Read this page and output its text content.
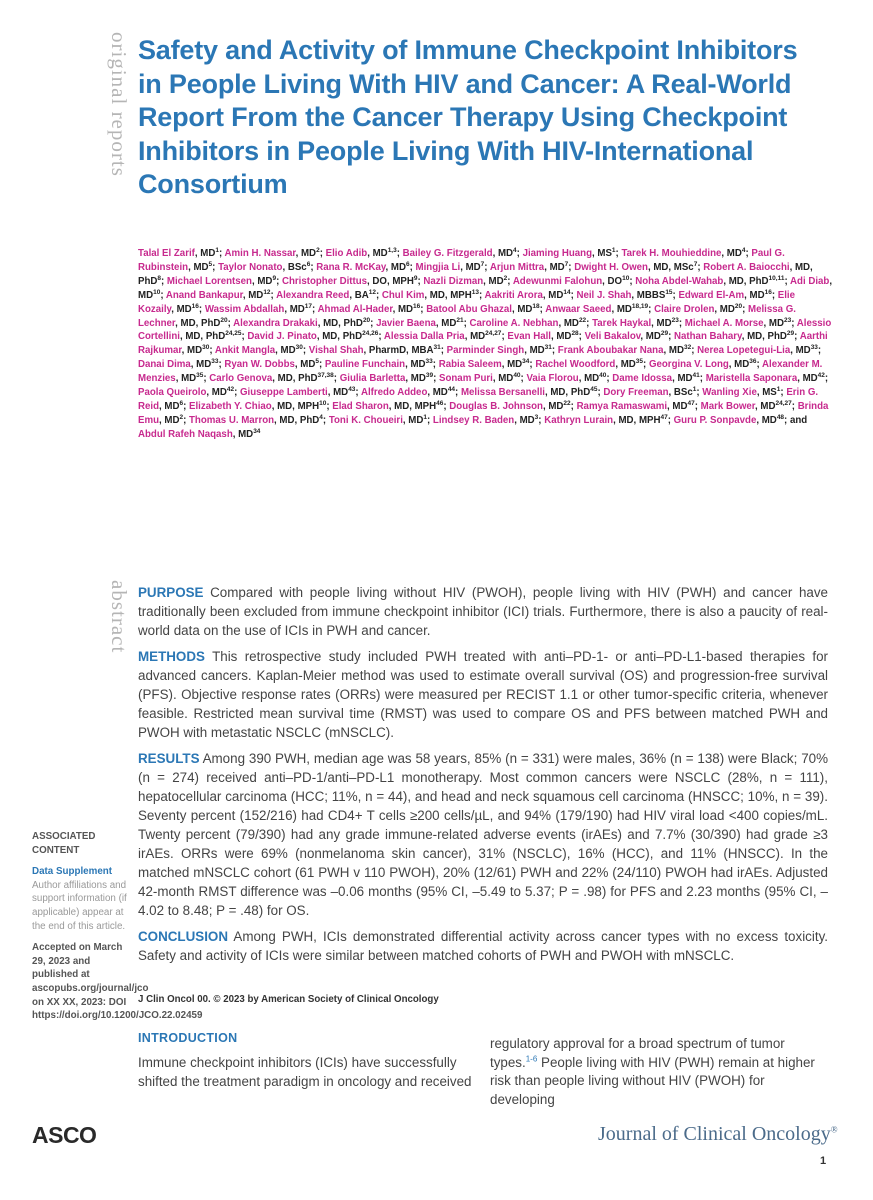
original reports
abstract
Safety and Activity of Immune Checkpoint Inhibitors in People Living With HIV and Cancer: A Real-World Report From the Cancer Therapy Using Checkpoint Inhibitors in People Living With HIV-International Consortium
Talal El Zarif, $MD^1$; Amin H. Nassar, $MD^2$; Elio Adib, MD$^{1,3}$; Bailey G. Fitzgerald, $MD^4$; Jiaming Huang, $MS^1$; Tarek H. Mouhieddine, $MD^4$; Paul G. Rubinstein, $MD^5$; Taylor Nonato, BSc$^6$; Rana R. McKay, $MD^6$; Mingjia Li, $MD^7$; Arjun Mittra, $MD^7$; Dwight H. Owen, MD, MSc$^7$; Robert A. Baiocchi, MD, PhD$^8$; Michael Lorentsen, $MD^9$; Christopher Dittus, DO, MPH$^9$; Nazli Dizman, $MD^2$; Adewunmi Falohun, DO$^{10}$; Noha Abdel-Wahab, MD, PhD$^{10,11}$; Adi Diab, MD$^{10}$; Anand Bankapur, MD$^{12}$; Alexandra Reed, BA$^{12}$; Chul Kim, MD, MPH$^{13}$; Aakriti Arora, MD$^{14}$; Neil J. Shah, MBBS$^{15}$; Edward El-Am, MD$^{16}$; Elie Kozaily, MD$^{16}$; Wassim Abdallah, MD$^{17}$; Ahmad Al-Hader, MD$^{16}$; Batool Abu Ghazal, MD$^{18}$; Anwaar Saeed, MD$^{18,19}$; Claire Drolen, MD$^{20}$; Melissa G. Lechner, MD, PhD$^{20}$; Alexandra Drakaki, MD, PhD$^{20}$; Javier Baena, MD$^{21}$; Caroline A. Nebhan, MD$^{22}$; Tarek Haykal, MD$^{23}$; Michael A. Morse, MD$^{23}$; Alessio Cortellini, MD, PhD$^{24,25}$; David J. Pinato, MD, PhD$^{24,26}$; Alessia Dalla Pria, MD$^{24,27}$; Evan Hall, MD$^{28}$; Veli Bakalov, MD$^{29}$; Nathan Bahary, MD, PhD$^{29}$; Aarthi Rajkumar, MD$^{30}$; Ankit Mangla, MD$^{30}$; Vishal Shah, PharmD, MBA$^{31}$; Parminder Singh, MD$^{31}$; Frank Aboubakar Nana, MD$^{32}$; Nerea Lopetegui-Lia, MD$^{33}$; Danai Dima, MD$^{33}$; Ryan W. Dobbs, $MD^5$; Pauline Funchain, MD$^{33}$; Rabia Saleem, MD$^{34}$; Rachel Woodford, MD$^{35}$; Georgina V. Long, MD$^{36}$; Alexander M. Menzies, MD$^{35}$; Carlo Genova, MD, PhD$^{37,38}$; Giulia Barletta, MD$^{39}$; Sonam Puri, MD$^{40}$; Vaia Florou, MD$^{40}$; Dame Idossa, MD$^{41}$; Maristella Saponara, MD$^{42}$; Paola Queirolo, MD$^{42}$; Giuseppe Lamberti, MD$^{43}$; Alfredo Addeo, MD$^{44}$; Melissa Bersanelli, MD, PhD$^{45}$; Dory Freeman, BSc$^1$; Wanling Xie, $MS^1$; Erin G. Reid, $MD^6$; Elizabeth Y. Chiao, MD, MPH$^{10}$; Elad Sharon, MD, MPH$^{46}$; Douglas B. Johnson, MD$^{22}$; Ramya Ramaswami, MD$^{47}$; Mark Bower, MD$^{24,27}$; Brinda Emu, $MD^2$; Thomas U. Marron, MD, PhD$^4$; Toni K. Choueiri, $MD^1$; Lindsey R. Baden, $MD^3$; Kathryn Lurain, MD, MPH$^{47}$; Guru P. Sonpavde, MD$^{48}$; and Abdul Rafeh Naqash, MD$^{34}$

PURPOSE Compared with people living without HIV (PWOH), people living with HIV (PWH) and cancer have traditionally been excluded from immune checkpoint inhibitor (ICI) trials. Furthermore, there is also a paucity of real-world data on the use of ICIs in PWH and cancer.

METHODS This retrospective study included PWH treated with anti–PD-1- or anti–PD-L1-based therapies for advanced cancers. Kaplan-Meier method was used to estimate overall survival (OS) and progression-free survival (PFS). Objective response rates (ORRs) were measured per RECIST 1.1 or other tumor-specific criteria, whenever feasible. Restricted mean survival time (RMST) was used to compare OS and PFS between matched PWH and PWOH with metastatic NSCLC (mNSCLC).

RESULTS Among 390 PWH, median age was 58 years, 85% (n = 331) were males, 36% (n = 138) were Black; 70% (n = 274) received anti–PD-1/anti–PD-L1 monotherapy. Most common cancers were NSCLC (28%, n = 111), hepatocellular carcinoma (HCC; 11%, n = 44), and head and neck squamous cell carcinoma (HNSCC; 10%, n = 39). Seventy percent (152/216) had CD4+ T cells ≥200 cells/µL, and 94% (179/190) had HIV viral load <400 copies/mL. Twenty percent (79/390) had any grade immune-related adverse events (irAEs) and 7.7% (30/390) had grade ≥3 irAEs. ORRs were 69% (nonmelanoma skin cancer), 31% (NSCLC), 16% (HCC), and 11% (HNSCC). In the matched mNSCLC cohort (61 PWH v 110 PWOH), 20% (12/61) PWH and 22% (24/110) PWOH had irAEs. Adjusted 42-month RMST difference was –0.06 months (95% CI, –5.49 to 5.37; P = .98) for PFS and 2.23 months (95% CI, –4.02 to 8.48; P = .48) for OS.

CONCLUSION Among PWH, ICIs demonstrated differential activity across cancer types with no excess toxicity. Safety and activity of ICIs were similar between matched cohorts of PWH and PWOH with mNSCLC.

J Clin Oncol 00. © 2023 by American Society of Clinical Oncology
ASSOCIATED CONTENT
Data Supplement
Author affiliations and support information (if applicable) appear at the end of this article.
Accepted on March 29, 2023 and published at ascopubs.org/journal/jco on XX XX, 2023: DOI https://doi.org/10.1200/JCO.22.02459
INTRODUCTION
Immune checkpoint inhibitors (ICIs) have successfully shifted the treatment paradigm in oncology and received
regulatory approval for a broad spectrum of tumor types.$^{1-6}$ People living with HIV (PWH) remain at higher risk than people living without HIV (PWOH) for developing
ASCO	Journal of Clinical Oncology®
1
